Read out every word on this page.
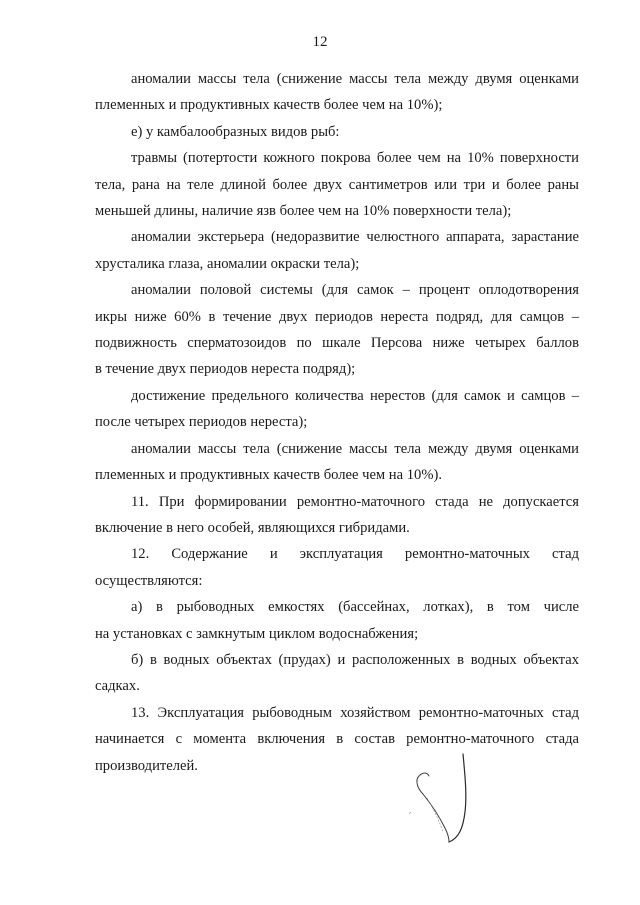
12
аномалии массы тела (снижение массы тела между двумя оценками
племенных и продуктивных качеств более чем на 10%);
е) у камбалообразных видов рыб:
травмы (потертости кожного покрова более чем на 10% поверхности
тела, рана на теле длиной более двух сантиметров или три и более раны
меньшей длины, наличие язв более чем на 10% поверхности тела);
аномалии экстерьера (недоразвитие челюстного аппарата, зарастание
хрусталика глаза, аномалии окраски тела);
аномалии половой системы (для самок – процент оплодотворения
икры ниже 60% в течение двух периодов нереста подряд, для самцов –
подвижность сперматозоидов по шкале Персова ниже четырех баллов
в течение двух периодов нереста подряд);
достижение предельного количества нерестов (для самок и самцов –
после четырех периодов нереста);
аномалии массы тела (снижение массы тела между двумя оценками
племенных и продуктивных качеств более чем на 10%).
11. При формировании ремонтно-маточного стада не допускается
включение в него особей, являющихся гибридами.
12. Содержание и эксплуатация ремонтно-маточных стад
осуществляются:
а) в рыбоводных емкостях (бассейнах, лотках), в том числе
на установках с замкнутым циклом водоснабжения;
б) в водных объектах (прудах) и расположенных в водных объектах
садках.
13. Эксплуатация рыбоводным хозяйством ремонтно-маточных стад
начинается с момента включения в состав ремонтно-маточного стада
производителей.
